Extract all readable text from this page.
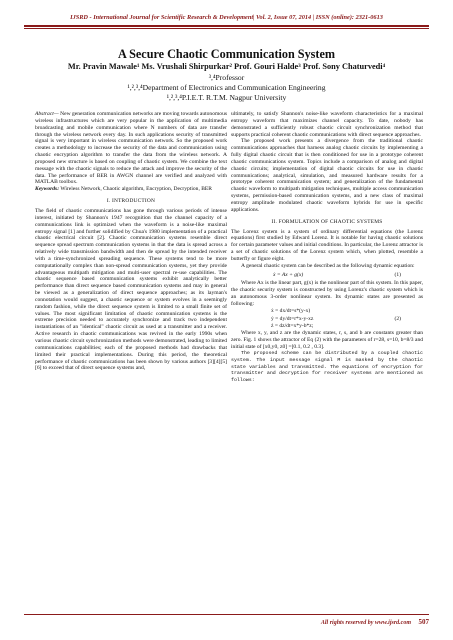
IJSRD - International Journal for Scientific Research & Development| Vol. 2, Issue 07, 2014 | ISSN (online): 2321-0613
A Secure Chaotic Communication System
Mr. Pravin Mawale¹ Ms. Vrushali Shirpurkar² Prof. Gouri Halde³ Prof. Sony Chaturvedi⁴
³,⁴Professor
¹,²,³,⁴Department of Electronics and Communication Engineering
¹,²,³,⁴P.I.E.T. R.T.M. Nagpur University

Abstract— New generation communication networks are moving towards autonomous wireless infrastructures which are very popular in the application of multimedia broadcasting and mobile communication where N numbers of data are transfer through the wireless network every day. In such applications security of transmitted signal is very important in wireless communication network. So the proposed work creates a methodology to increase the security of the data and communication using chaotic encryption algorithm to transfer the data from the wireless network. A proposed new structure is based on coupling of chaotic system. We combine the text message with the chaotic signals to reduce the attack and improve the security of the data. The performance of BER in AWGN channel are verified and analyzed with MATLAB toolbox.

Keywords: Wireless Network, Chaotic algorithm, Encryption, Decryption, BER

I. INTRODUCTION

The field of chaotic communications has gone through various periods of intense interest, initiated by Shannon's 1947 recognition that the channel capacity of a communications link is optimized when the waveform is a noise-like maximal entropy signal [1] and further solidified by Chua's 1980 implementation of a practical chaotic electrical circuit [2]. Chaotic communication systems resemble direct sequence spread spectrum communication systems in that the data is spread across a relatively wide transmission bandwidth and then de spread by the intended receiver with a time-synchronized spreading sequence. These systems tend to be more computationally complex than non-spread communication systems, yet they provide advantageous multipath mitigation and multi-user spectral re-use capabilities. The chaotic sequence based communication systems exhibit analytically better performance than direct sequence based communication systems and may in general be viewed as a generalization of direct sequence approaches; as its layman's connotation would suggest, a chaotic sequence or system evolves in a seemingly random fashion, while the direct sequence system is limited to a small finite set of values. The most significant limitation of chaotic communication systems is the extreme precision needed to accurately synchronize and track two independent instantiations of an "identical" chaotic circuit as used at a transmitter and a receiver. Active research in chaotic communications was revived in the early 1990s when various chaotic circuit synchronization methods were demonstrated, leading to limited communications capabilities; each of the proposed methods had drawbacks that limited their practical implementations. During this period, the theoretical performance of chaotic communications has been shown by various authors [3][4][5][6] to exceed that of direct sequence systems and,

ultimately, to satisfy Shannon's noise-like waveform characteristics for a maximal entropy waveform that maximizes channel capacity. To date, nobody has demonstrated a sufficiently robust chaotic circuit synchronization method that supports practical coherent chaotic communications with direct sequence approaches.

The proposed work presents a divergence from the traditional chaotic communications approaches that harness analog chaotic circuits by implementing a fully digital chaotic circuit that is then conditioned for use in a prototype coherent chaotic communications system. Topics include a comparison of analog and digital chaotic circuits; implementation of digital chaotic circuits for use in chaotic communications; analytical, simulation, and measured hardware results for a prototype coherent communication system; and generalization of the fundamental chaotic waveform to multipath mitigation techniques, multiple access communication systems, permission-based communication systems, and a new class of maximal entropy amplitude modulated chaotic waveform hybrids for use in specific applications.

II. FORMULATION OF CHAOTIC SYSTEMS

The Lorenz system is a system of ordinary differential equations (the Lorenz equations) first studied by Edward Lorenz. It is notable for having chaotic solutions for certain parameter values and initial conditions. In particular, the Lorenz attractor is a set of chaotic solutions of the Lorenz system which, when plotted, resemble a butterfly or figure eight.

A general chaotic system can be described as the following dynamic equation:

ẋ = Ax + g(x)	(1)

Where Ax is the linear part, g(x) is the nonlinear part of this system. In this paper, the chaotic security system is constructed by using Lorenz's chaotic system which is an autonomous 3-order nonlinear system. Its dynamic states are presented as following:

ẋ = dx/dt=s*(y-x)
ẏ = dy/dt=r*x-y-xz	(2)
ż = dz/dt=x*y-b*z;

Where x, y, and z are the dynamic states, r, s, and b are constants greater than zero. Fig. 1 shows the attractor of Eq (2) with the parameters of r=28, s=10, b=8/3 and initial state of [x0,y0, z0] =[0.1, 0.2 , 0.3].

The proposed scheme can be distributed by a coupled chaotic system. The input message signal M is masked by the chaotic state variables and transmitted. The equations of encryption for transmitter and decryption for receiver systems are mentioned as follows:

All rights reserved by www.ijsrd.com 507
